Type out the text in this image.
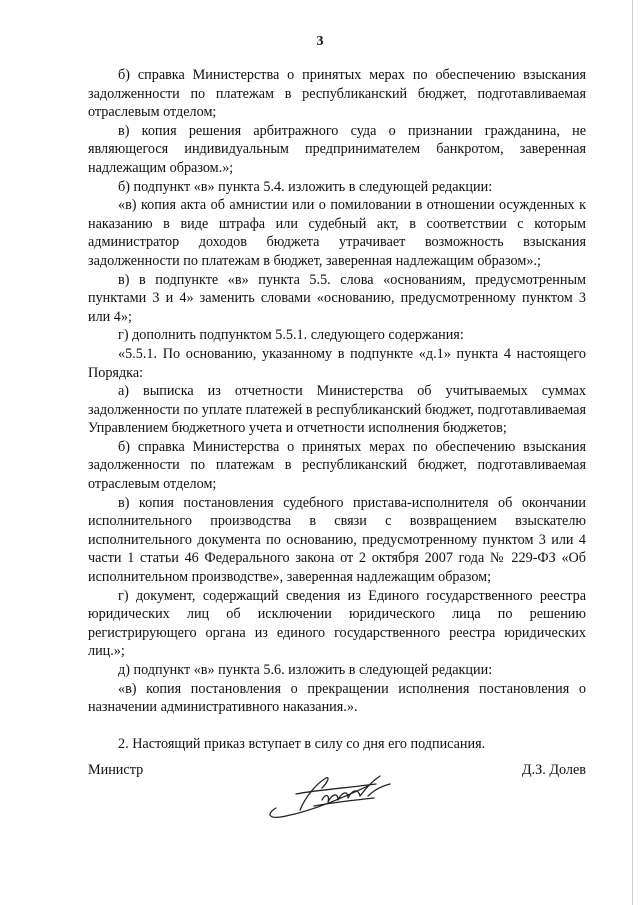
3

б) справка Министерства о принятых мерах по обеспечению взыскания задолженности по платежам в республиканский бюджет, подготавливаемая отраслевым отделом;

в) копия решения арбитражного суда о признании гражданина, не являющегося индивидуальным предпринимателем банкротом, заверенная надлежащим образом.»;

б) подпункт «в» пункта 5.4. изложить в следующей редакции:

«в) копия акта об амнистии или о помиловании в отношении осужденных к наказанию в виде штрафа или судебный акт, в соответствии с которым администратор доходов бюджета утрачивает возможность взыскания задолженности по платежам в бюджет, заверенная надлежащим образом».;

в) в подпункте «в» пункта 5.5. слова «основаниям, предусмотренным пунктами 3 и 4» заменить словами «основанию, предусмотренному пунктом 3 или 4»;

г) дополнить подпунктом 5.5.1. следующего содержания:

«5.5.1. По основанию, указанному в подпункте «д.1» пункта 4 настоящего Порядка:

а) выписка из отчетности Министерства об учитываемых суммах задолженности по уплате платежей в республиканский бюджет, подготавливаемая Управлением бюджетного учета и отчетности исполнения бюджетов;

б) справка Министерства о принятых мерах по обеспечению взыскания задолженности по платежам в республиканский бюджет, подготавливаемая отраслевым отделом;

в) копия постановления судебного пристава-исполнителя об окончании исполнительного производства в связи с возвращением взыскателю исполнительного документа по основанию, предусмотренному пунктом 3 или 4 части 1 статьи 46 Федерального закона от 2 октября 2007 года № 229-ФЗ «Об исполнительном производстве», заверенная надлежащим образом;

г) документ, содержащий сведения из Единого государственного реестра юридических лиц об исключении юридического лица по решению регистрирующего органа из единого государственного реестра юридических лиц.»;

д) подпункт «в» пункта 5.6. изложить в следующей редакции:

«в) копия постановления о прекращении исполнения постановления о назначении административного наказания.».

2. Настоящий приказ вступает в силу со дня его подписания.

Министр	Д.З. Долев
